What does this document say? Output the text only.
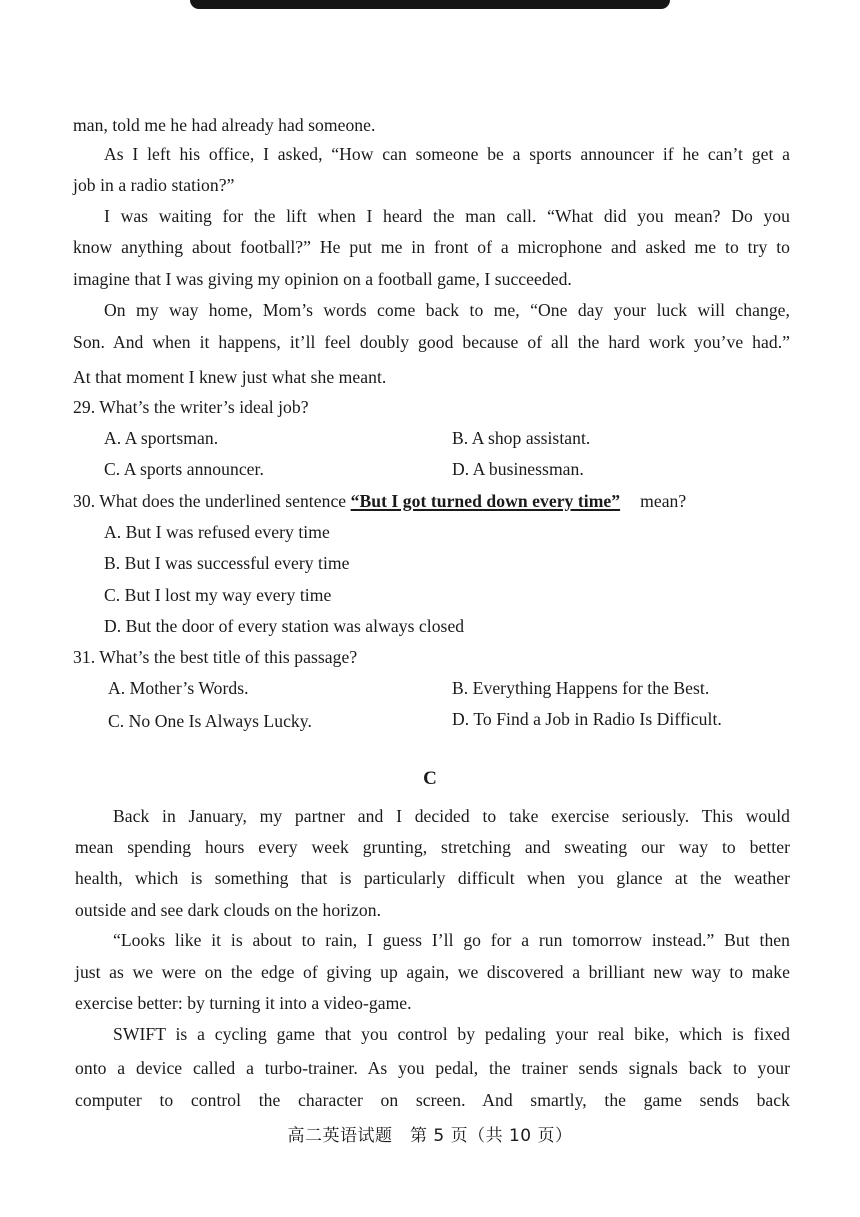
man, told me he had already had someone.
As I left his office, I asked, “How can someone be a sports announcer if he can’t get a
job in a radio station?”
I was waiting for the lift when I heard the man call. “What did you mean? Do you
know anything about football?” He put me in front of a microphone and asked me to try to
imagine that I was giving my opinion on a football game, I succeeded.
On my way home, Mom’s words come back to me, “One day your luck will change,
Son. And when it happens, it’ll feel doubly good because of all the hard work you’ve had.”
At that moment I knew just what she meant.
29. What’s the writer’s ideal job?
A. A sportsman.	B. A shop assistant.
C. A sports announcer.	D. A businessman.
30. What does the underlined sentence “But I got turned down every time” mean?
A. But I was refused every time
B. But I was successful every time
C. But I lost my way every time
D. But the door of every station was always closed
31. What’s the best title of this passage?
A. Mother’s Words.	B. Everything Happens for the Best.
C. No One Is Always Lucky.	D. To Find a Job in Radio Is Difficult.
C
Back in January, my partner and I decided to take exercise seriously. This would
mean spending hours every week grunting, stretching and sweating our way to better
health, which is something that is particularly difficult when you glance at the weather
outside and see dark clouds on the horizon.
“Looks like it is about to rain, I guess I’ll go for a run tomorrow instead.” But then
just as we were on the edge of giving up again, we discovered a brilliant new way to make
exercise better: by turning it into a video-game.
SWIFT is a cycling game that you control by pedaling your real bike, which is fixed
onto a device called a turbo-trainer. As you pedal, the trainer sends signals back to your
computer to control the character on screen. And smartly, the game sends back
高二英语试题　第 5 页（共 10 页）
